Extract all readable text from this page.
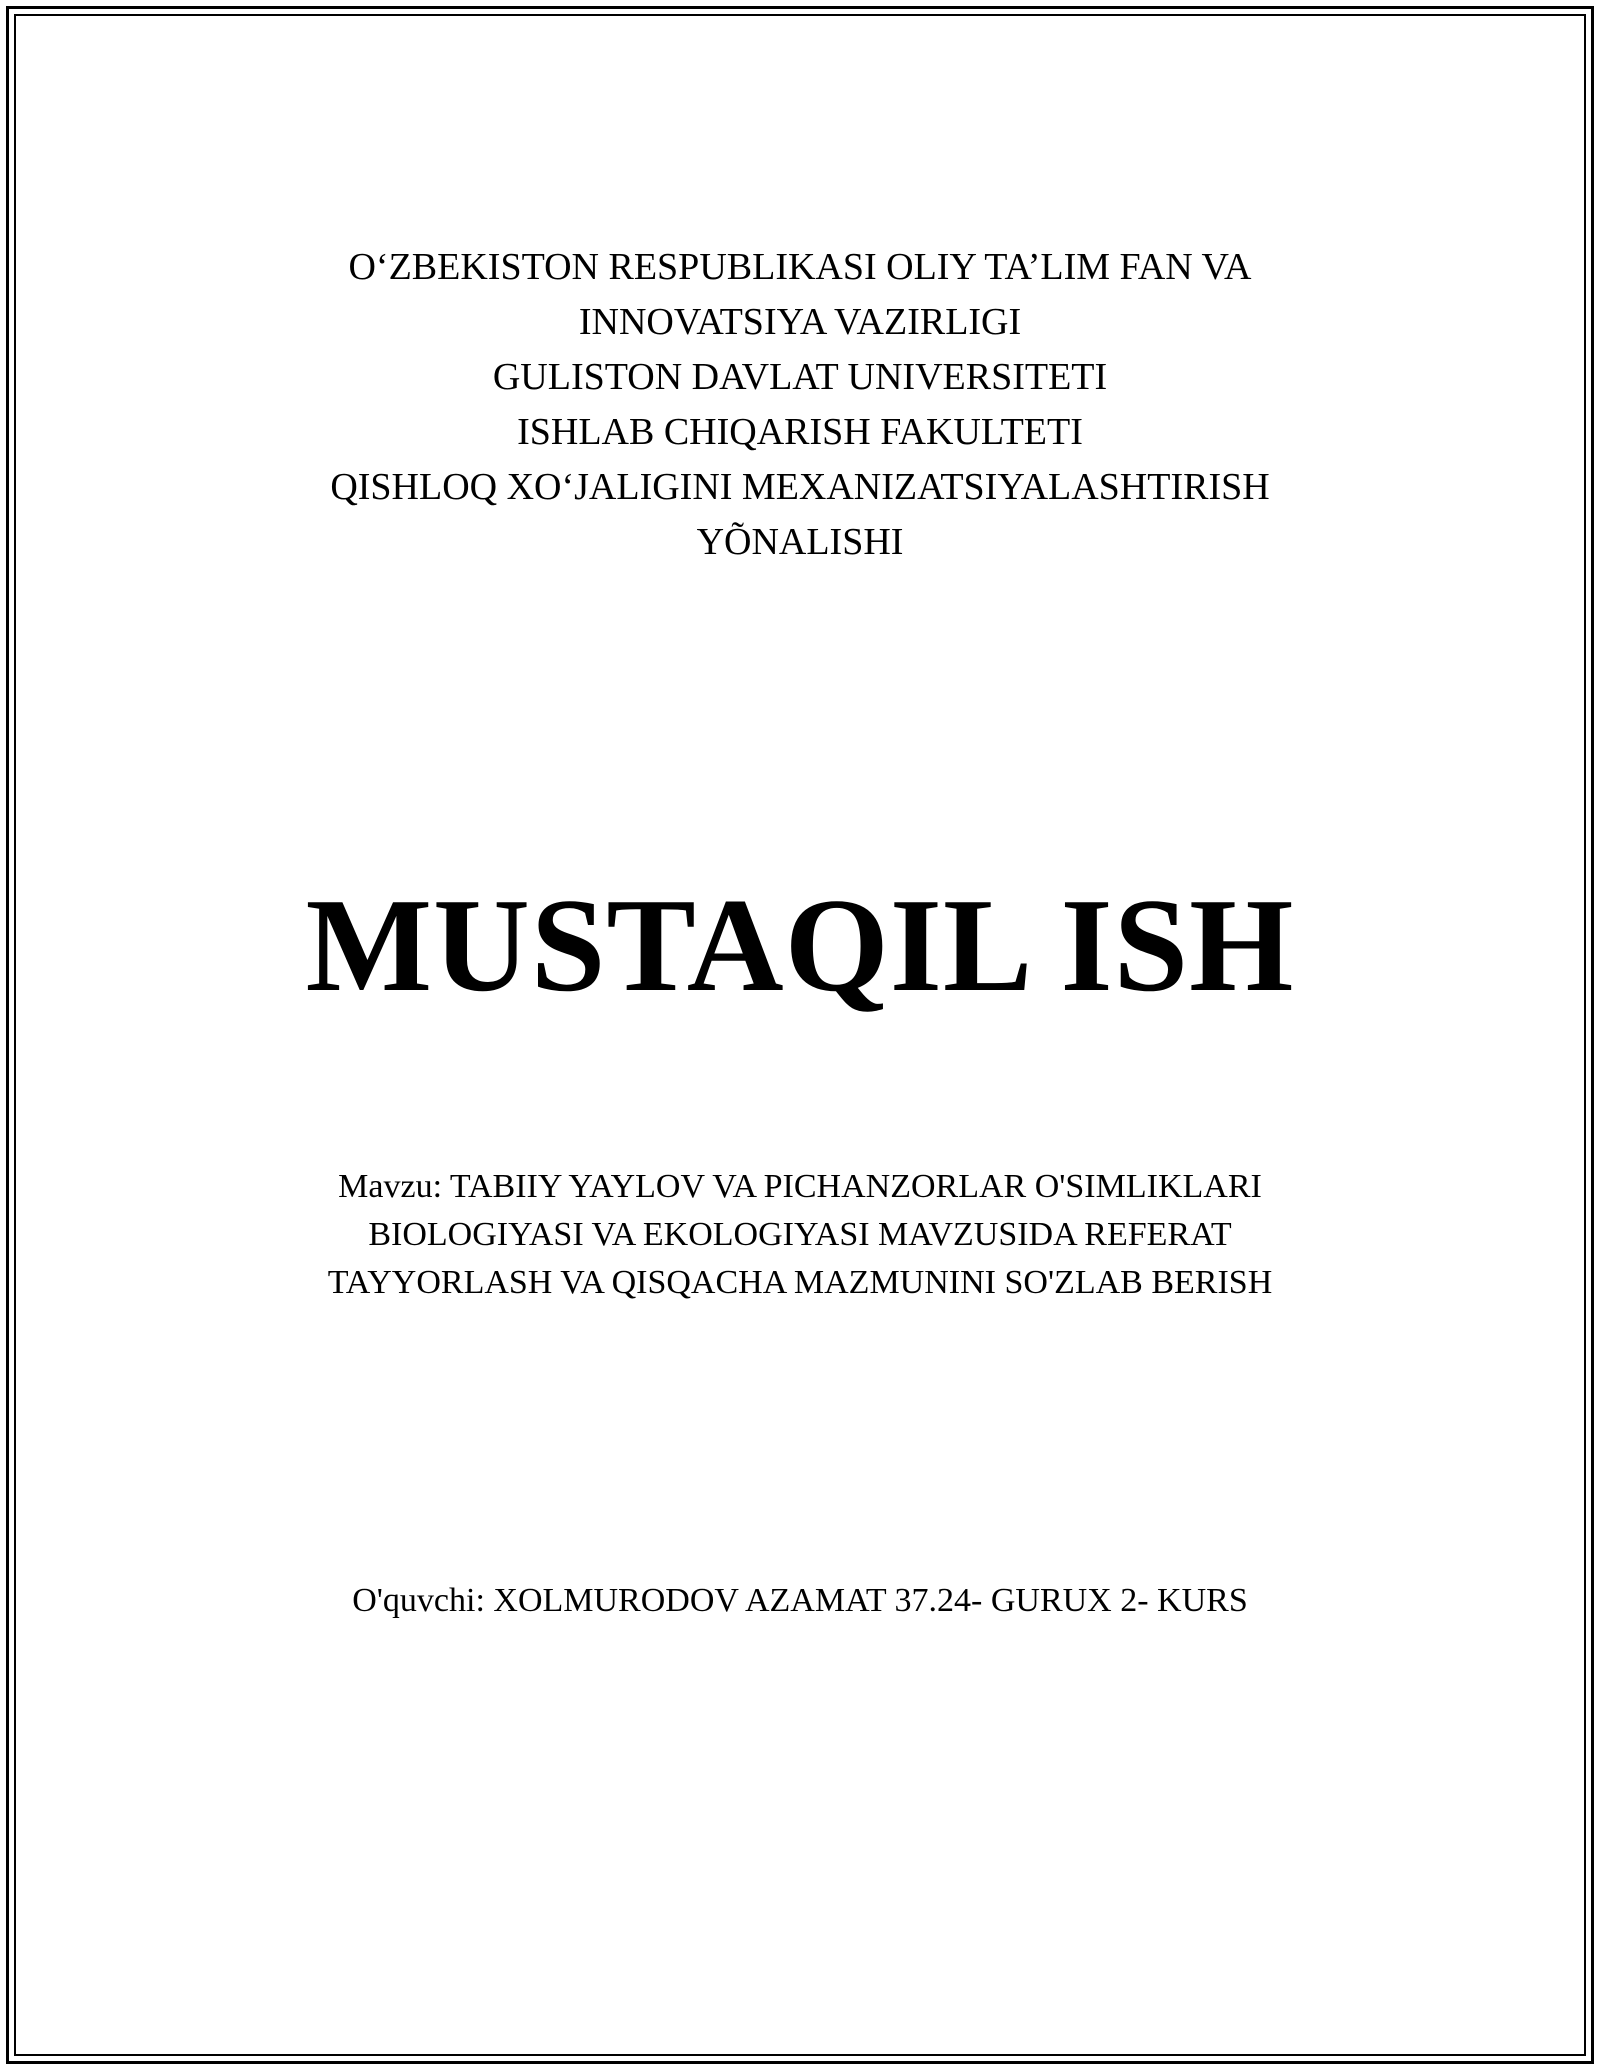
O‘ZBEKISTON RESPUBLIKASI OLIY TA’LIM FAN VA
INNOVATSIYA VAZIRLIGI
GULISTON DAVLAT UNIVERSITETI
ISHLAB CHIQARISH FAKULTETI
QISHLOQ XO‘JALIGINI MEXANIZATSIYALASHTIRISH
YÕNALISHI
MUSTAQIL ISH
Mavzu: TABIIY YAYLOV VA PICHANZORLAR O'SIMLIKLARI
BIOLOGIYASI VA EKOLOGIYASI MAVZUSIDA REFERAT
TAYYORLASH VA QISQACHA MAZMUNINI SO'ZLAB BERISH
O'quvchi: XOLMURODOV AZAMAT 37.24- GURUX 2- KURS
